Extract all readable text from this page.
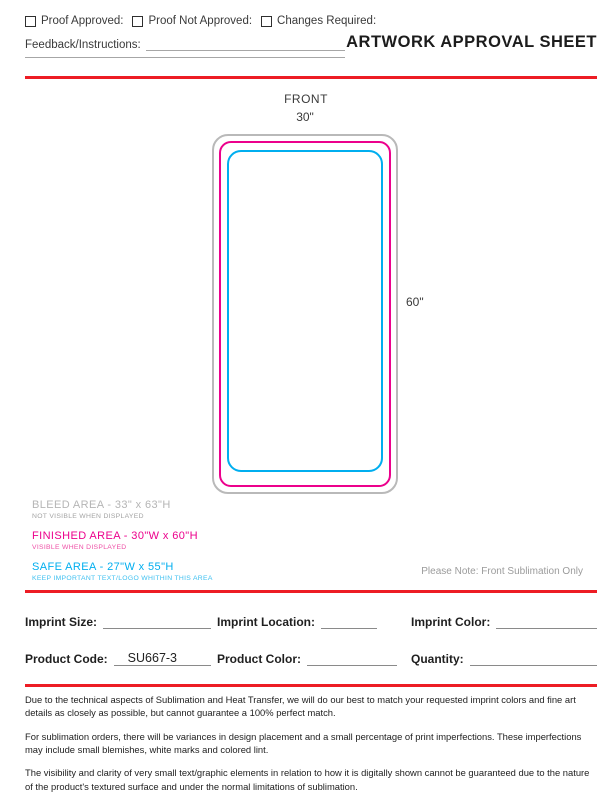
Proof Approved: Proof Not Approved: Changes Required:
Feedback/Instructions:	ARTWORK APPROVAL SHEET
FRONT
30"
60"
BLEED AREA - 33" x 63"H
NOT VISIBLE WHEN DISPLAYED
FINISHED AREA - 30"W x 60"H
VISIBLE WHEN DISPLAYED
SAFE AREA - 27"W x 55"H
KEEP IMPORTANT TEXT/LOGO WHITHIN THIS AREA
Please Note: Front Sublimation Only
Imprint Size:	Imprint Location:	Imprint Color:
Product Code:	SU667-3	Product Color:	Quantity:

Due to the technical aspects of Sublimation and Heat Transfer, we will do our best to match your requested imprint colors and fine art details as closely as possible, but cannot guarantee a 100% perfect match.

For sublimation orders, there will be variances in design placement and a small percentage of print imperfections. These imperfections may include small blemishes, white marks and colored lint.

The visibility and clarity of very small text/graphic elements in relation to how it is digitally shown cannot be guaranteed due to the nature of the product's textured surface and under the normal limitations of sublimation.
